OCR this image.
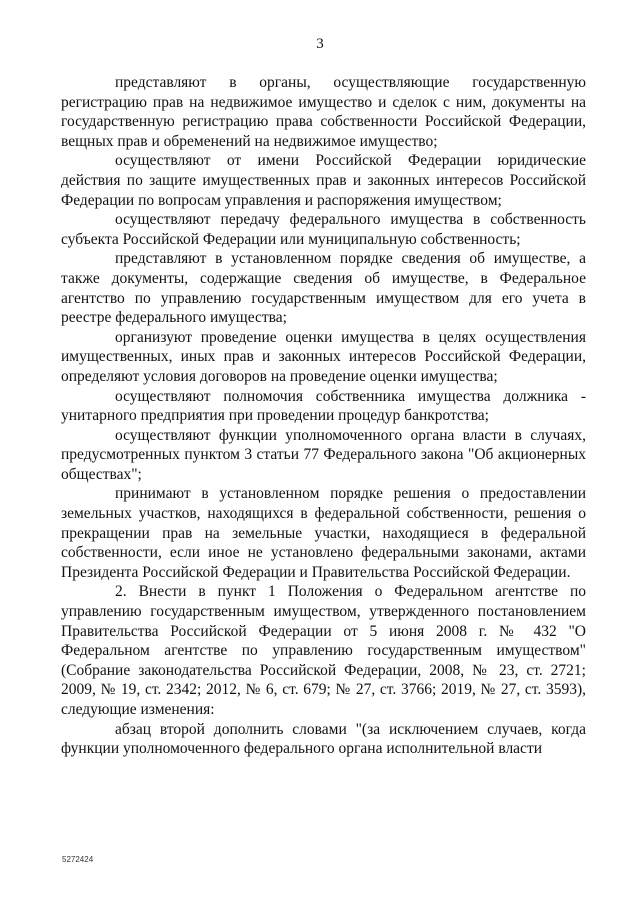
3

представляют в органы, осуществляющие государственную регистрацию прав на недвижимое имущество и сделок с ним, документы на государственную регистрацию права собственности Российской Федерации, вещных прав и обременений на недвижимое имущество;

осуществляют от имени Российской Федерации юридические действия по защите имущественных прав и законных интересов Российской Федерации по вопросам управления и распоряжения имуществом;

осуществляют передачу федерального имущества в собственность субъекта Российской Федерации или муниципальную собственность;

представляют в установленном порядке сведения об имуществе, а также документы, содержащие сведения об имуществе, в Федеральное агентство по управлению государственным имуществом для его учета в реестре федерального имущества;

организуют проведение оценки имущества в целях осуществления имущественных, иных прав и законных интересов Российской Федерации, определяют условия договоров на проведение оценки имущества;

осуществляют полномочия собственника имущества должника - унитарного предприятия при проведении процедур банкротства;

осуществляют функции уполномоченного органа власти в случаях, предусмотренных пунктом 3 статьи 77 Федерального закона "Об акционерных обществах";

принимают в установленном порядке решения о предоставлении земельных участков, находящихся в федеральной собственности, решения о прекращении прав на земельные участки, находящиеся в федеральной собственности, если иное не установлено федеральными законами, актами Президента Российской Федерации и Правительства Российской Федерации.

2. Внести в пункт 1 Положения о Федеральном агентстве по управлению государственным имуществом, утвержденного постановлением Правительства Российской Федерации от 5 июня 2008 г. № 432 "О Федеральном агентстве по управлению государственным имуществом" (Собрание законодательства Российской Федерации, 2008, № 23, ст. 2721; 2009, № 19, ст. 2342; 2012, № 6, ст. 679; № 27, ст. 3766; 2019, № 27, ст. 3593), следующие изменения:

абзац второй дополнить словами "(за исключением случаев, когда функции уполномоченного федерального органа исполнительной власти

5272424
